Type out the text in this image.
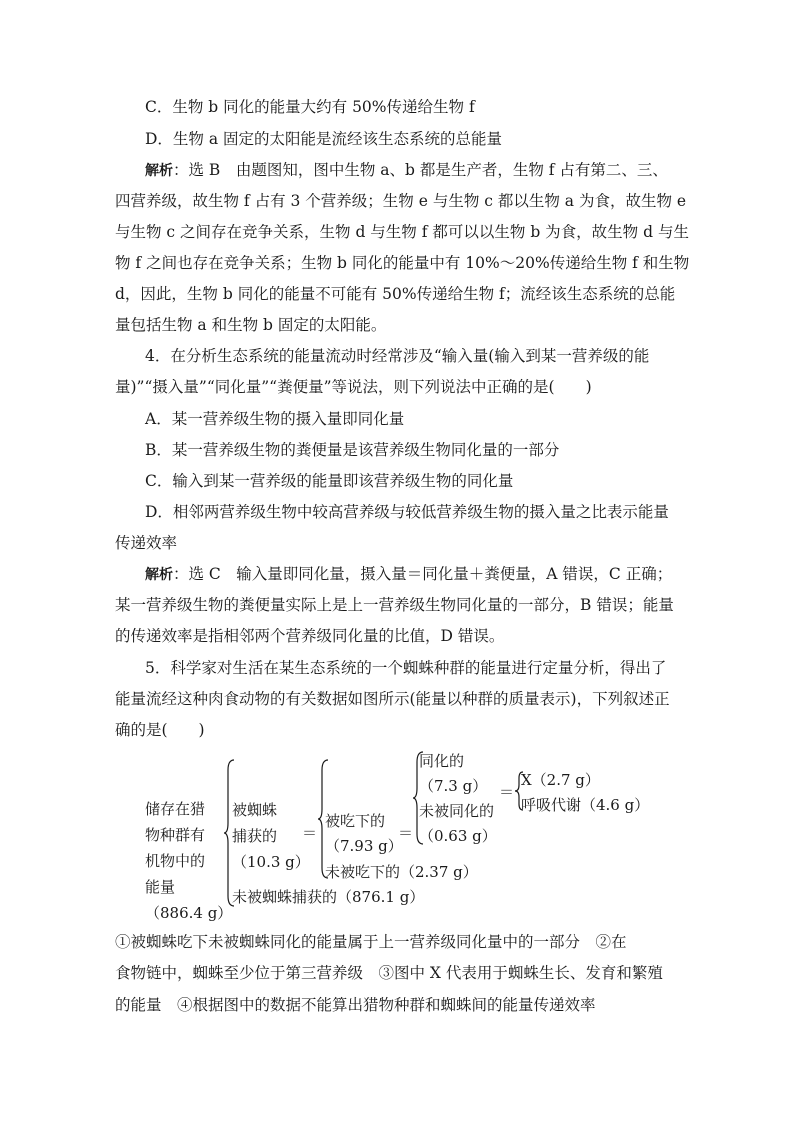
C．生物 b 同化的能量大约有 50%传递给生物 f
D．生物 a 固定的太阳能是流经该生态系统的总能量
解析：选 B　由题图知，图中生物 a、b 都是生产者，生物 f 占有第二、三、
四营养级，故生物 f 占有 3 个营养级；生物 e 与生物 c 都以生物 a 为食，故生物 e
与生物 c 之间存在竞争关系，生物 d 与生物 f 都可以以生物 b 为食，故生物 d 与生
物 f 之间也存在竞争关系；生物 b 同化的能量中有 10%～20%传递给生物 f 和生物
d，因此，生物 b 同化的能量不可能有 50%传递给生物 f；流经该生态系统的总能
量包括生物 a 和生物 b 固定的太阳能。
4．在分析生态系统的能量流动时经常涉及“输入量(输入到某一营养级的能
量)”“摄入量”“同化量”“粪便量”等说法，则下列说法中正确的是(　　)
A．某一营养级生物的摄入量即同化量
B．某一营养级生物的粪便量是该营养级生物同化量的一部分
C．输入到某一营养级的能量即该营养级生物的同化量
D．相邻两营养级生物中较高营养级与较低营养级生物的摄入量之比表示能量
传递效率
解析：选 C　输入量即同化量，摄入量＝同化量＋粪便量，A 错误，C 正确；
某一营养级生物的粪便量实际上是上一营养级生物同化量的一部分，B 错误；能量
的传递效率是指相邻两个营养级同化量的比值，D 错误。
5．科学家对生活在某生态系统的一个蜘蛛种群的能量进行定量分析，得出了
能量流经这种肉食动物的有关数据如图所示(能量以种群的质量表示)，下列叙述正
确的是(　　)
储存在猎
物种群有
机物中的
能量
（886.4 g）
被蜘蛛
捕获的
（10.3 g）
未被蜘蛛捕获的（876.1 g）
＝
被吃下的
（7.93 g）
未被吃下的（2.37 g）
＝
同化的
（7.3 g）
未被同化的
（0.63 g）
＝
X（2.7 g）
呼吸代谢（4.6 g）
①被蜘蛛吃下未被蜘蛛同化的能量属于上一营养级同化量中的一部分　②在
食物链中，蜘蛛至少位于第三营养级　③图中 X 代表用于蜘蛛生长、发育和繁殖
的能量　④根据图中的数据不能算出猎物种群和蜘蛛间的能量传递效率
